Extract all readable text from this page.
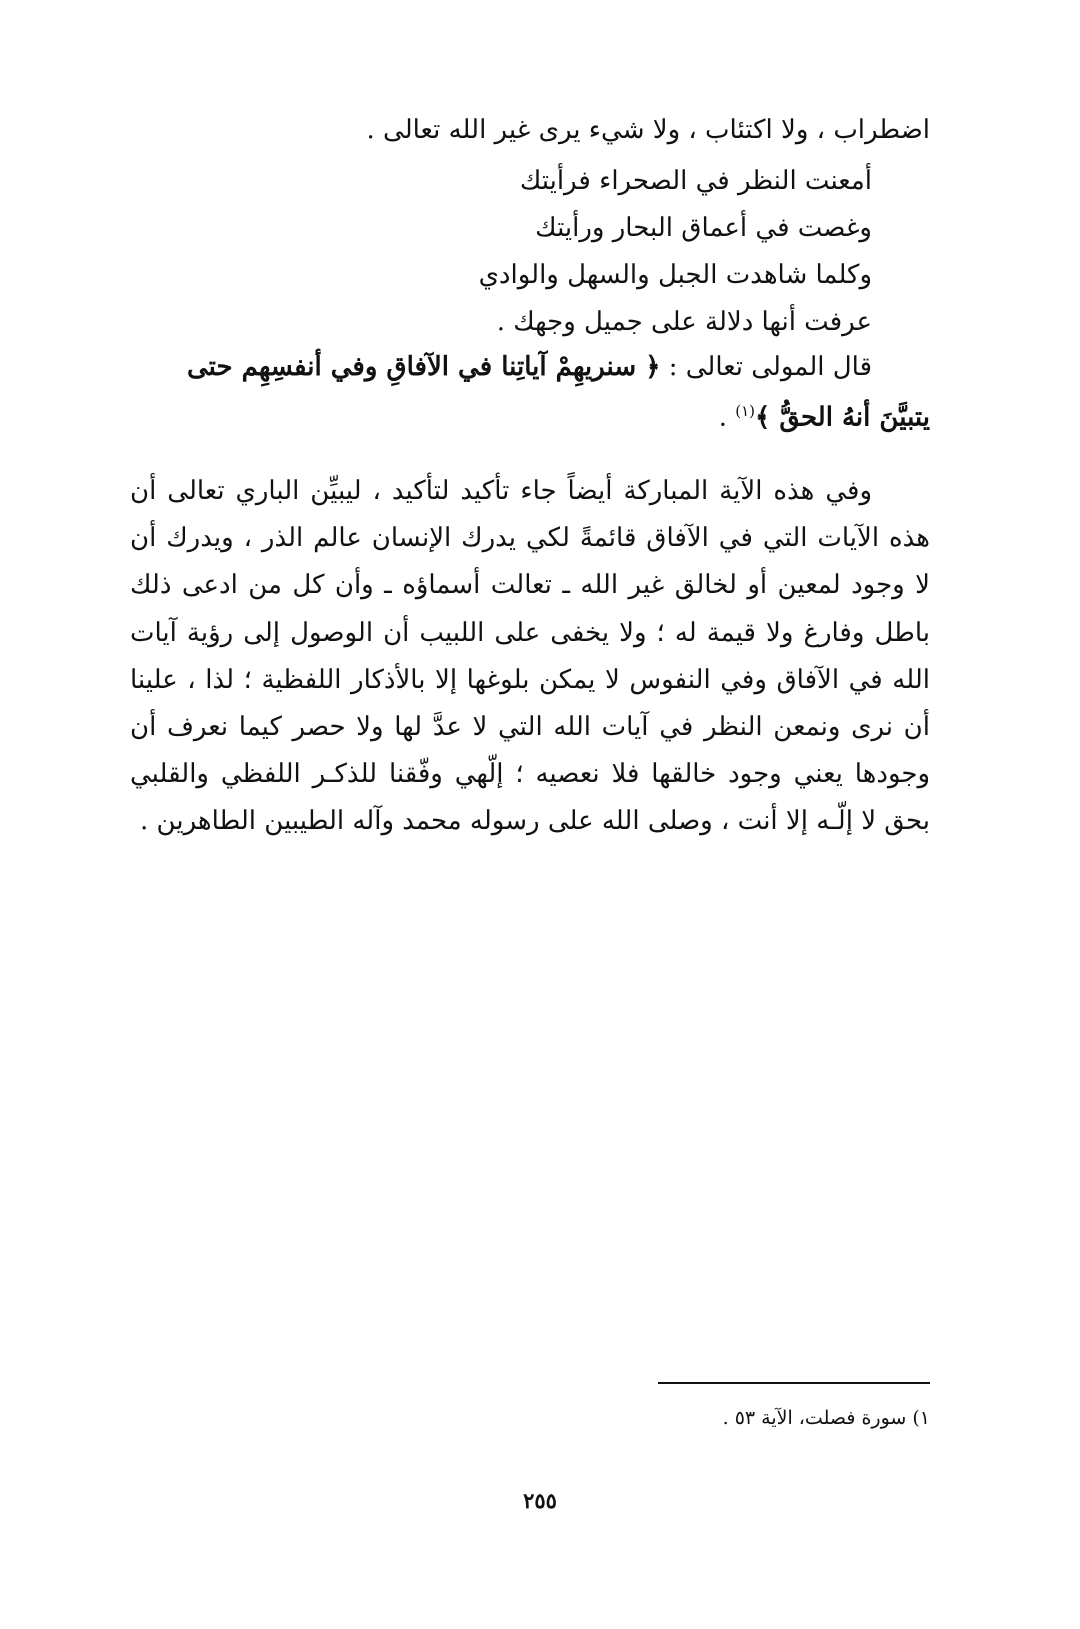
اضطراب ، ولا اكتئاب ، ولا شيء يرى غير الله تعالى .
أمعنت النظر في الصحراء فرأيتك
وغصت في أعماق البحار ورأيتك
وكلما شاهدت الجبل والسهل والوادي
عرفت أنها دلالة على جميل وجهك .
قال المولى تعالى : ﴿ سنريهِمْ آياتِنا في الآفاقِ وفي أنفسِهِم حتى يتبيَّنَ أنهُ الحقُّ ﴾$^{(١)}$ .
وفي هذه الآية المباركة أيضاً جاء تأكيد لتأكيد ، ليبيِّن الباري تعالى أن هذه الآيات التي في الآفاق قائمةً لكي يدرك الإنسان عالم الذر ، ويدرك أن لا وجود لمعين أو لخالق غير الله ـ تعالت أسماؤه ـ وأن كل من ادعى ذلك باطل وفارغ ولا قيمة له ؛ ولا يخفى على اللبيب أن الوصول إلى رؤية آيات الله في الآفاق وفي النفوس لا يمكن بلوغها إلا بالأذكار اللفظية ؛ لذا ، علينا أن نرى ونمعن النظر في آيات الله التي لا عدَّ لها ولا حصر كيما نعرف أن وجودها يعني وجود خالقها فلا نعصيه ؛ إلّهي وفّقنا للذكـر اللفظي والقلبي بحق لا إلّـه إلا أنت ، وصلى الله على رسوله محمد وآله الطيبين الطاهرين .
١) سورة فصلت، الآية ٥٣ .
٢٥٥
